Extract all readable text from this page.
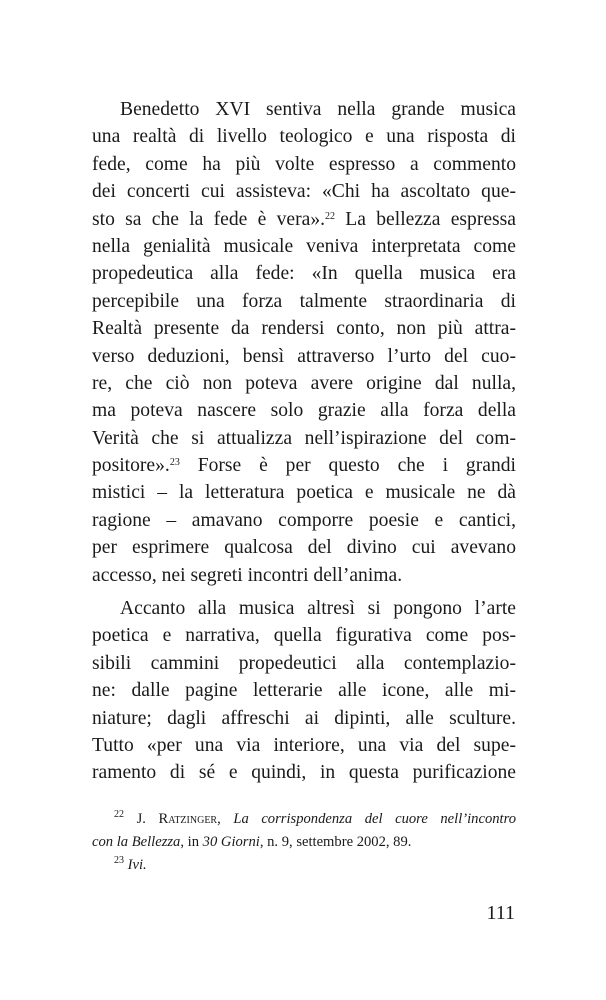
Benedetto XVI sentiva nella grande musica
una realtà di livello teologico e una risposta di
fede, come ha più volte espresso a commento
dei concerti cui assisteva: «Chi ha ascoltato que-
sto sa che la fede è vera».$^{22}$ La bellezza espressa
nella genialità musicale veniva interpretata come
propedeutica alla fede: «In quella musica era
percepibile una forza talmente straordinaria di
Realtà presente da rendersi conto, non più attra-
verso deduzioni, bensì attraverso l’urto del cuo-
re, che ciò non poteva avere origine dal nulla,
ma poteva nascere solo grazie alla forza della
Verità che si attualizza nell’ispirazione del com-
positore».$^{23}$ Forse è per questo che i grandi
mistici – la letteratura poetica e musicale ne dà
ragione – amavano comporre poesie e cantici,
per esprimere qualcosa del divino cui avevano
accesso, nei segreti incontri dell’anima.
Accanto alla musica altresì si pongono l’arte
poetica e narrativa, quella figurativa come pos-
sibili cammini propedeutici alla contemplazio-
ne: dalle pagine letterarie alle icone, alle mi-
niature; dagli affreschi ai dipinti, alle sculture.
Tutto «per una via interiore, una via del supe-
ramento di sé e quindi, in questa purificazione
$^{22}$ J. Ratzinger, La corrispondenza del cuore nell’incontro
con la Bellezza, in 30 Giorni, n. 9, settembre 2002, 89.
$^{23}$ Ivi.
111
